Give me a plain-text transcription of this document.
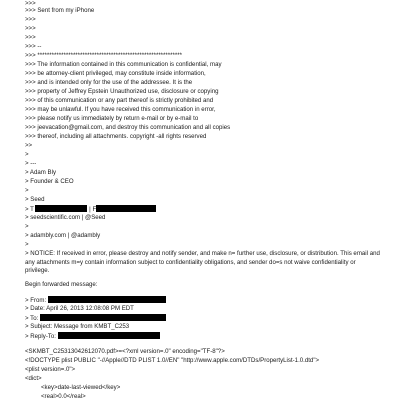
>>>
>>> Sent from my iPhone
>>>
>>>
>>>
>>> --
>>> *************************************************************
>>> The information contained in this communication is confidential, may
>>> be attorney-client privileged, may constitute inside information,
>>> and is intended only for the use of the addressee. It is the
>>> property of Jeffrey Epstein Unauthorized use, disclosure or copying
>>> of this communication or any part thereof is strictly prohibited and
>>> may be unlawful. If you have received this communication in error,
>>> please notify us immediately by return e-mail or by e-mail to
>>> jeevacation@gmail.com, and destroy this communication and all copies
>>> thereof, including all attachments. copyright -all rights reserved
>>
>
> ---
> Adam Bly
> Founder & CEO
>
> Seed
> T	| F
> seedscientific.com | @Seed
>
> adambly.com | @adambly
>
> NOTICE: If received in error, please destroy and notify sender, and make n= further use, disclosure, or distribution. This email and any attachments m=y contain information subject to confidentiality obligations, and sender do=s not waive confidentiality or privilege.
Begin forwarded message:
> From:
> Date: April 26, 2013 12:08:08 PM EDT
> To:
> Subject: Message from KMBT_C253
> Reply-To:
<SKMBT_C25313042612070.pdf>=<?xml version=.0" encoding="TF-8"?>
<!DOCTYPE plist PUBLIC "-//Apple//DTD PLIST 1.0//EN" "http://www.apple.com/DTDs/PropertyList-1.0.dtd">
<plist version=.0">
<dict>
<key>date-last-viewed</key>
<real>0.0</real>
